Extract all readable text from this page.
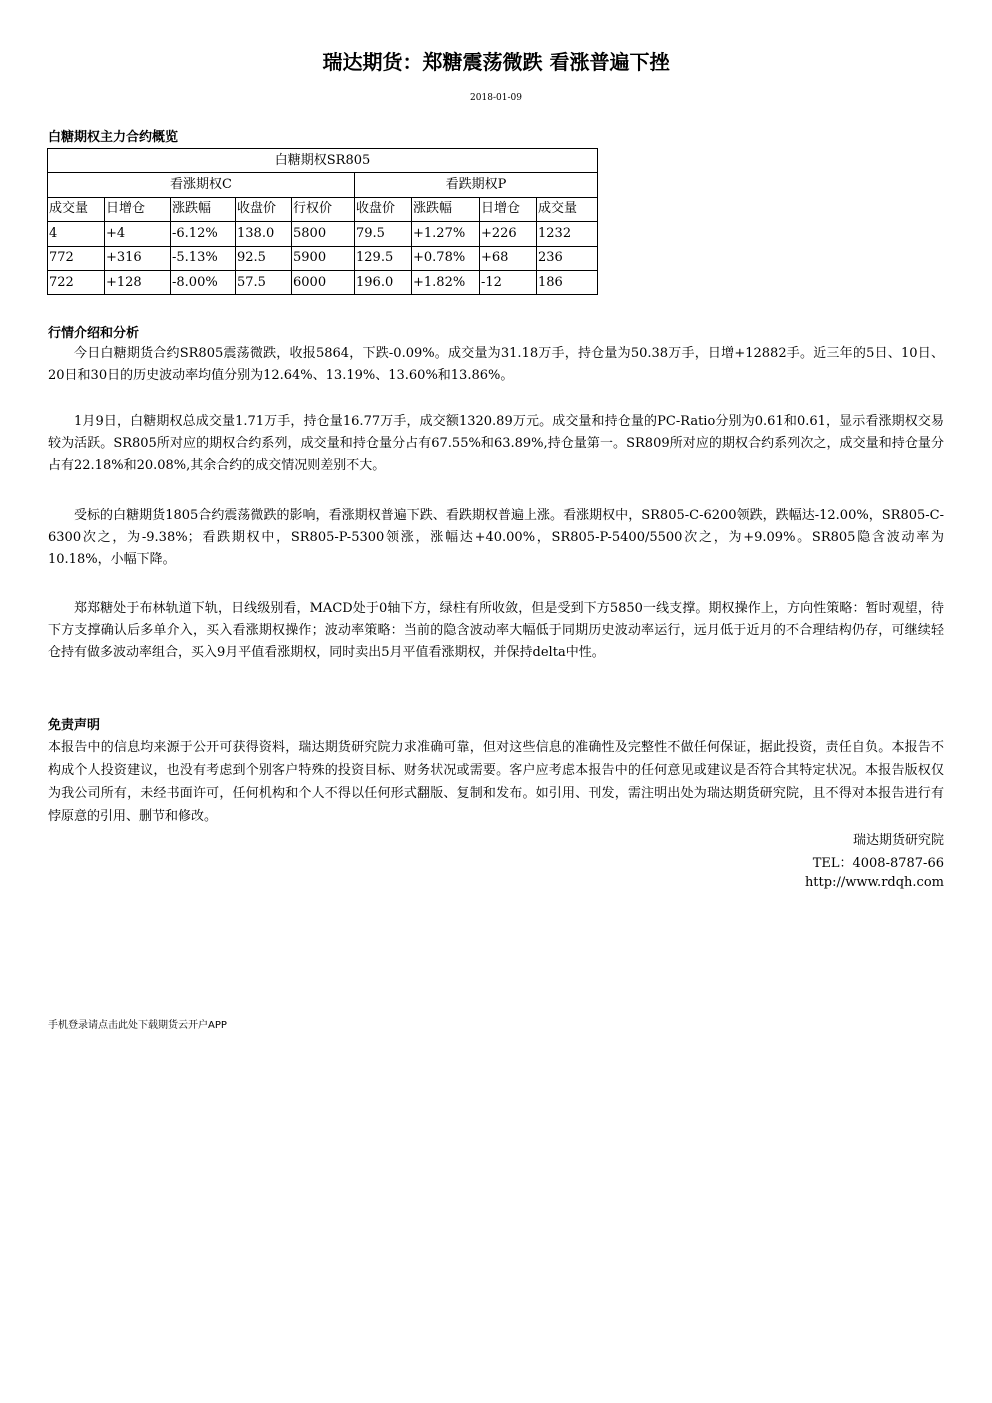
瑞达期货：郑糖震荡微跌 看涨普遍下挫
2018-01-09
白糖期权主力合约概览
白糖期权SR805								
看涨期权C					看跌期权P			
成交量	日增仓	涨跌幅	收盘价	行权价	收盘价	涨跌幅	日增仓	成交量
4	+4	-6.12%	138.0	5800	79.5	+1.27%	+226	1232
772	+316	-5.13%	92.5	5900	129.5	+0.78%	+68	236
722	+128	-8.00%	57.5	6000	196.0	+1.82%	-12	186
行情介绍和分析

今日白糖期货合约SR805震荡微跌，收报5864，下跌-0.09%。成交量为31.18万手，持仓量为50.38万手，日增+12882手。近三年的5日、10日、20日和30日的历史波动率均值分别为12.64%、13.19%、13.60%和13.86%。

1月9日，白糖期权总成交量1.71万手，持仓量16.77万手，成交额1320.89万元。成交量和持仓量的PC-Ratio分别为0.61和0.61，显示看涨期权交易较为活跃。SR805所对应的期权合约系列，成交量和持仓量分占有67.55%和63.89%,持仓量第一。SR809所对应的期权合约系列次之，成交量和持仓量分占有22.18%和20.08%,其余合约的成交情况则差别不大。

受标的白糖期货1805合约震荡微跌的影响，看涨期权普遍下跌、看跌期权普遍上涨。看涨期权中，SR805-C-6200领跌，跌幅达-12.00%，SR805-C-6300次之，为-9.38%；看跌期权中，SR805-P-5300领涨，涨幅达+40.00%，SR805-P-5400/5500次之，为+9.09%。SR805隐含波动率为10.18%，小幅下降。

郑郑糖处于布林轨道下轨，日线级别看，MACD处于0轴下方，绿柱有所收敛，但是受到下方5850一线支撑。期权操作上，方向性策略：暂时观望，待下方支撑确认后多单介入，买入看涨期权操作；波动率策略：当前的隐含波动率大幅低于同期历史波动率运行，远月低于近月的不合理结构仍存，可继续轻仓持有做多波动率组合，买入9月平值看涨期权，同时卖出5月平值看涨期权，并保持delta中性。

免责声明

本报告中的信息均来源于公开可获得资料，瑞达期货研究院力求准确可靠，但对这些信息的准确性及完整性不做任何保证，据此投资，责任自负。本报告不构成个人投资建议，也没有考虑到个别客户特殊的投资目标、财务状况或需要。客户应考虑本报告中的任何意见或建议是否符合其特定状况。本报告版权仅为我公司所有，未经书面许可，任何机构和个人不得以任何形式翻版、复制和发布。如引用、刊发，需注明出处为瑞达期货研究院，且不得对本报告进行有悖原意的引用、删节和修改。

瑞达期货研究院
TEL：4008-8787-66
http://www.rdqh.com
手机登录请点击此处下载期货云开户APP
